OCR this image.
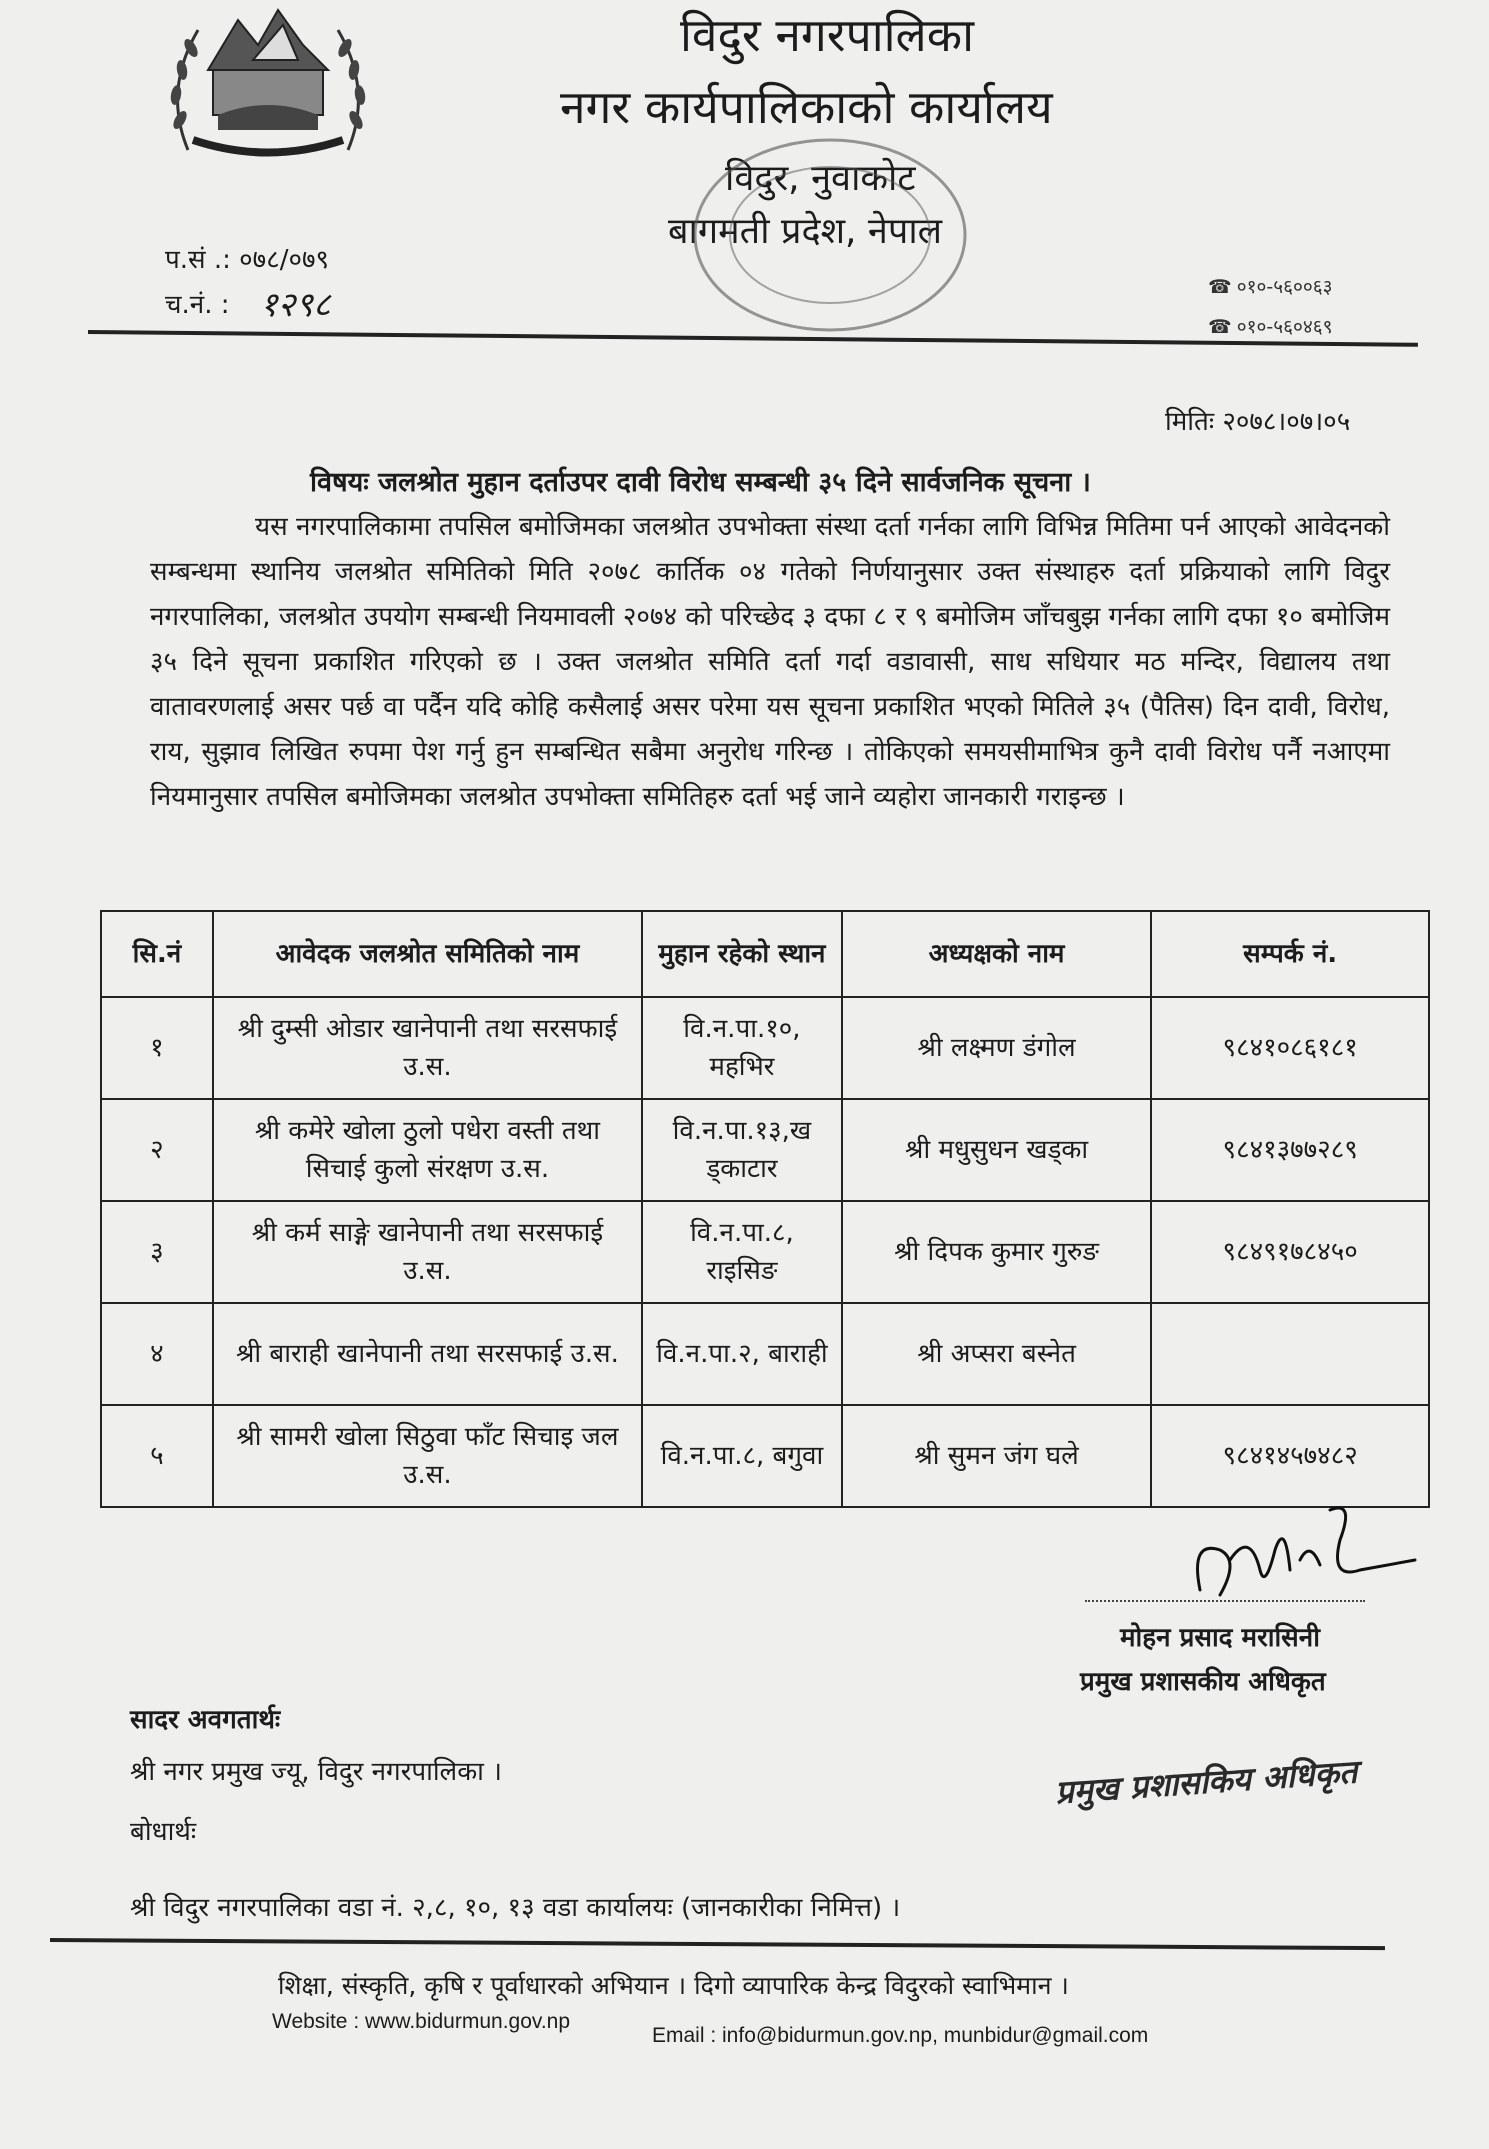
विदुर नगरपालिका
नगर कार्यपालिकाको कार्यालय
विदुर, नुवाकोट
बागमती प्रदेश, नेपाल
प.सं .: ०७८/०७९
च.नं. : १२९८	☎ ०१०-५६००६३
☎ ०१०-५६०४६९
मितिः २०७८।०७।०५
विषयः जलश्रोत मुहान दर्ताउपर दावी विरोध सम्बन्धी ३५ दिने सार्वजनिक सूचना ।

यस नगरपालिकामा तपसिल बमोजिमका जलश्रोत उपभोक्ता संस्था दर्ता गर्नका लागि विभिन्न मितिमा पर्न आएको आवेदनको सम्बन्धमा स्थानिय जलश्रोत समितिको मिति २०७८ कार्तिक ०४ गतेको निर्णयानुसार उक्त संस्थाहरु दर्ता प्रक्रियाको लागि विदुर नगरपालिका, जलश्रोत उपयोग सम्बन्धी नियमावली २०७४ को परिच्छेद ३ दफा ८ र ९ बमोजिम जाँचबुझ गर्नका लागि दफा १० बमोजिम ३५ दिने सूचना प्रकाशित गरिएको छ । उक्त जलश्रोत समिति दर्ता गर्दा वडावासी, साध सधियार मठ मन्दिर, विद्यालय तथा वातावरणलाई असर पर्छ वा पर्दैन यदि कोहि कसैलाई असर परेमा यस सूचना प्रकाशित भएको मितिले ३५ (पैतिस) दिन दावी, विरोध, राय, सुझाव लिखित रुपमा पेश गर्नु हुन सम्बन्धित सबैमा अनुरोध गरिन्छ । तोकिएको समयसीमाभित्र कुनै दावी विरोध पर्नै नआएमा नियमानुसार तपसिल बमोजिमका जलश्रोत उपभोक्ता समितिहरु दर्ता भई जाने व्यहोरा जानकारी गराइन्छ ।

सि.नं	आवेदक जलश्रोत समितिको नाम	मुहान रहेको स्थान	अध्यक्षको नाम	सम्पर्क नं.
१	श्री दुम्सी ओडार खानेपानी तथा सरसफाई उ.स.	वि.न.पा.१०, महभिर	श्री लक्ष्मण डंगोल	९८४१०८६१८१
२	श्री कमेरे खोला ठुलो पधेरा वस्ती तथा सिचाई कुलो संरक्षण उ.स.	वि.न.पा.१३,ख ड्काटार	श्री मधुसुधन खड्का	९८४१३७७२८९
३	श्री कर्म साङ्गे खानेपानी तथा सरसफाई उ.स.	वि.न.पा.८, राइसिङ	श्री दिपक कुमार गुरुङ	९८४९१७८४५०
४	श्री बाराही खानेपानी तथा सरसफाई उ.स.	वि.न.पा.२, बाराही	श्री अप्सरा बस्नेत	
५	श्री सामरी खोला सिठुवा फाँट सिचाइ जल उ.स.	वि.न.पा.८, बगुवा	श्री सुमन जंग घले	९८४१४५७४८२
मोहन प्रसाद मरासिनी
प्रमुख प्रशासकीय अधिकृत
प्रमुख प्रशासकिय अधिकृत
सादर अवगतार्थः
श्री नगर प्रमुख ज्यू, विदुर नगरपालिका ।
बोधार्थः
श्री विदुर नगरपालिका वडा नं. २,८, १०, १३ वडा कार्यालयः (जानकारीका निमित्त) ।
शिक्षा, संस्कृति, कृषि र पूर्वाधारको अभियान । दिगो व्यापारिक केन्द्र विदुरको स्वाभिमान ।
Website : www.bidurmun.gov.np
Email : info@bidurmun.gov.np, munbidur@gmail.com
